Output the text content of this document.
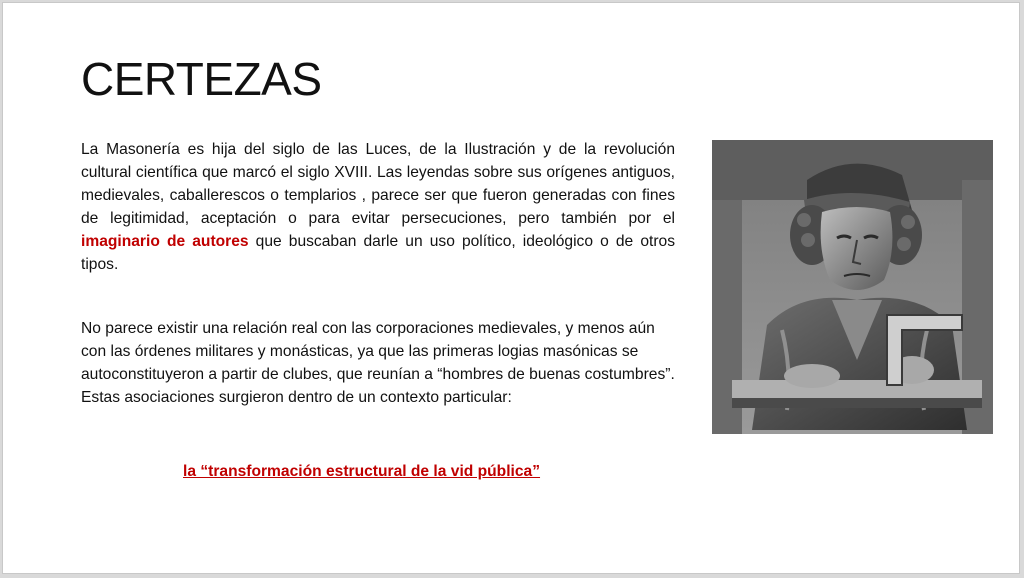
CERTEZAS

La Masonería es hija del siglo de las Luces, de la Ilustración y de la revolución cultural científica que marcó el siglo XVIII. Las leyendas sobre sus orígenes antiguos, medievales, caballerescos o templarios , parece ser que fueron generadas con fines de legitimidad, aceptación o para evitar persecuciones, pero también por el imaginario de autores que buscaban darle un uso político, ideológico o de otros tipos.

No parece existir una relación real con las corporaciones medievales, y menos aún con las órdenes militares y monásticas, ya que las primeras logias masónicas se autoconstituyeron a partir de clubes, que reunían a “hombres de buenas costumbres”. Estas asociaciones surgieron dentro de un contexto particular:

la “transformación estructural de la vid pública”
